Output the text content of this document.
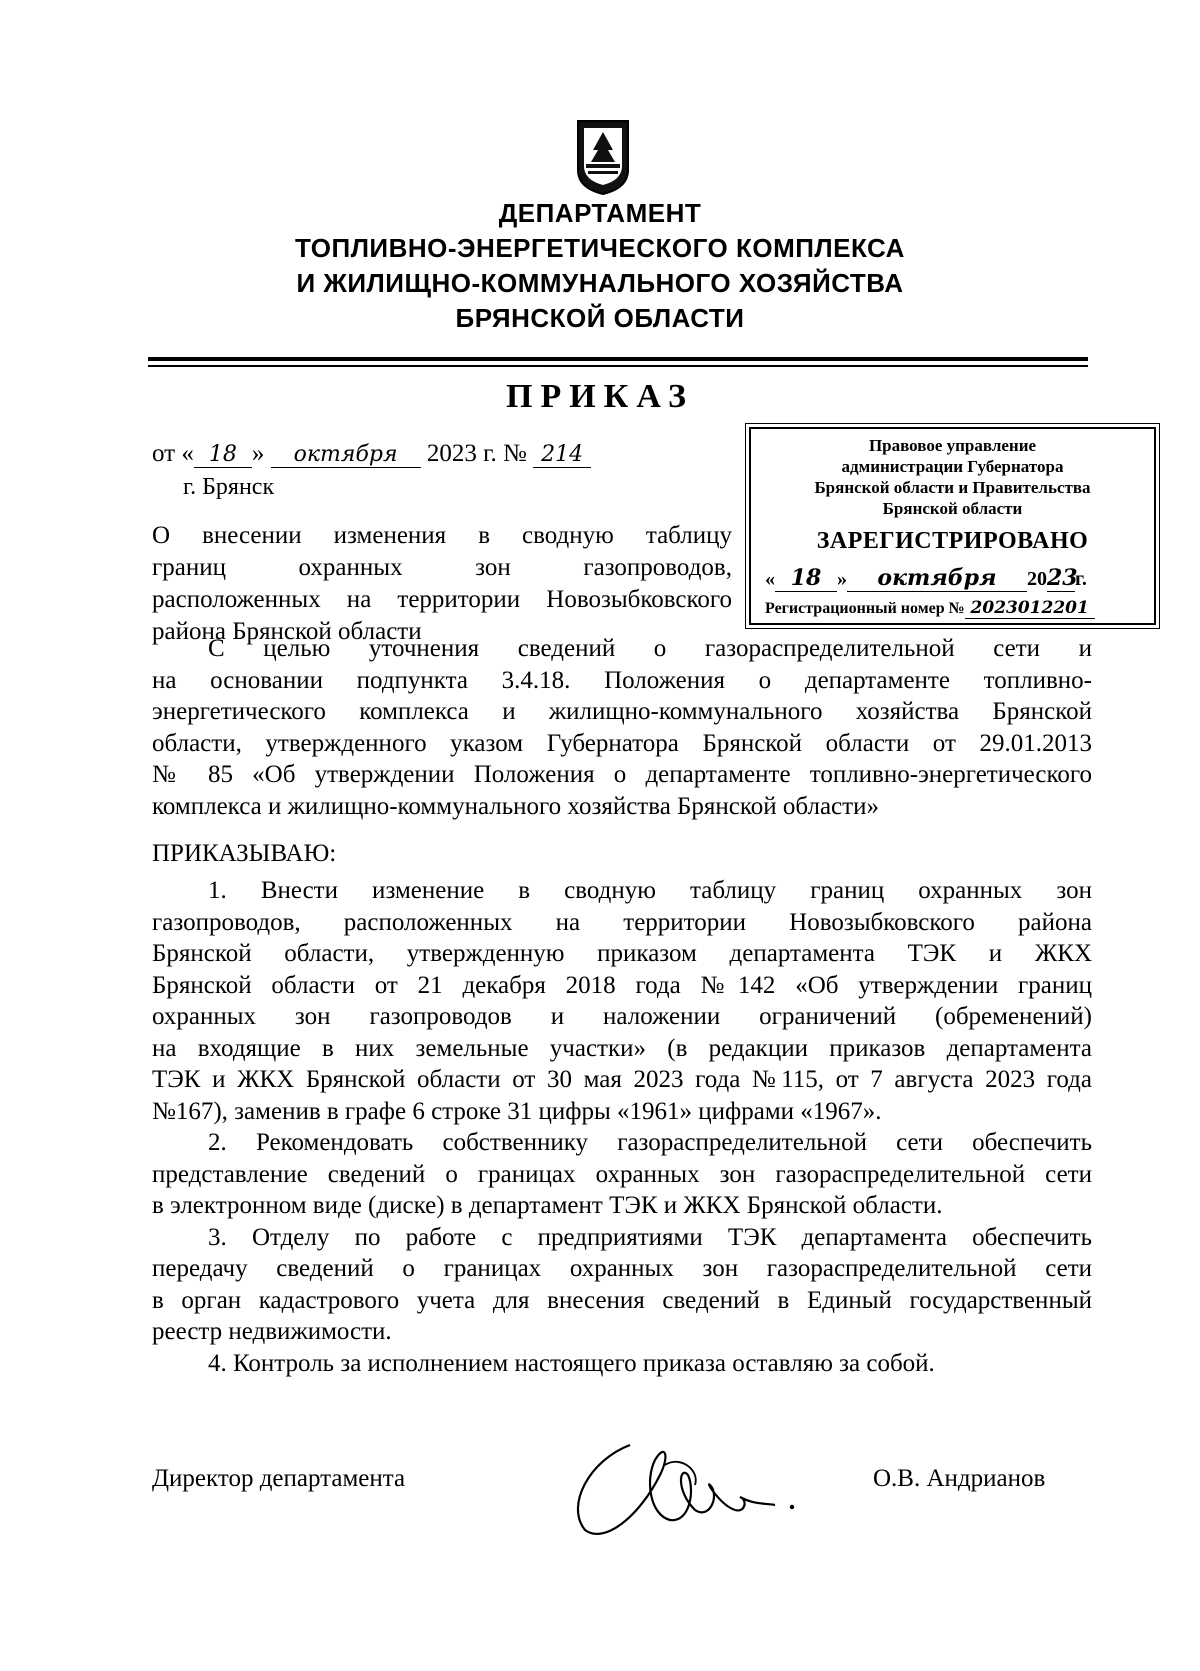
ДЕПАРТАМЕНТ
ТОПЛИВНО-ЭНЕРГЕТИЧЕСКОГО КОМПЛЕКСА
И ЖИЛИЩНО-КОММУНАЛЬНОГО ХОЗЯЙСТВА
БРЯНСКОЙ ОБЛАСТИ
ПРИКАЗ
от « 18 » октября 2023 г. № 214
г. Брянск
О внесении изменения в сводную таблицу
границ охранных зон газопроводов,
расположенных на территории Новозыбковского
района Брянской области
Правовое управление
администрации Губернатора
Брянской области и Правительства
Брянской области
ЗАРЕГИСТРИРОВАНО
« 18 » октября 2023г.
Регистрационный номер № 2023012201
С целью уточнения сведений о газораспределительной сети и
на основании подпункта 3.4.18. Положения о департаменте топливно-
энергетического комплекса и жилищно-коммунального хозяйства Брянской
области, утвержденного указом Губернатора Брянской области от 29.01.2013
№ 85 «Об утверждении Положения о департаменте топливно-энергетического
комплекса и жилищно-коммунального хозяйства Брянской области»
ПРИКАЗЫВАЮ:
1. Внести изменение в сводную таблицу границ охранных зон
газопроводов, расположенных на территории Новозыбковского района
Брянской области, утвержденную приказом департамента ТЭК и ЖКХ
Брянской области от 21 декабря 2018 года №142 «Об утверждении границ
охранных зон газопроводов и наложении ограничений (обременений)
на входящие в них земельные участки» (в редакции приказов департамента
ТЭК и ЖКХ Брянской области от 30 мая 2023 года №115, от 7 августа 2023 года
№167), заменив в графе 6 строке 31 цифры «1961» цифрами «1967».
2. Рекомендовать собственнику газораспределительной сети обеспечить
представление сведений о границах охранных зон газораспределительной сети
в электронном виде (диске) в департамент ТЭК и ЖКХ Брянской области.
3. Отделу по работе с предприятиями ТЭК департамента обеспечить
передачу сведений о границах охранных зон газораспределительной сети
в орган кадастрового учета для внесения сведений в Единый государственный
реестр недвижимости.
4. Контроль за исполнением настоящего приказа оставляю за собой.
Директор департамента	О.В. Андрианов
